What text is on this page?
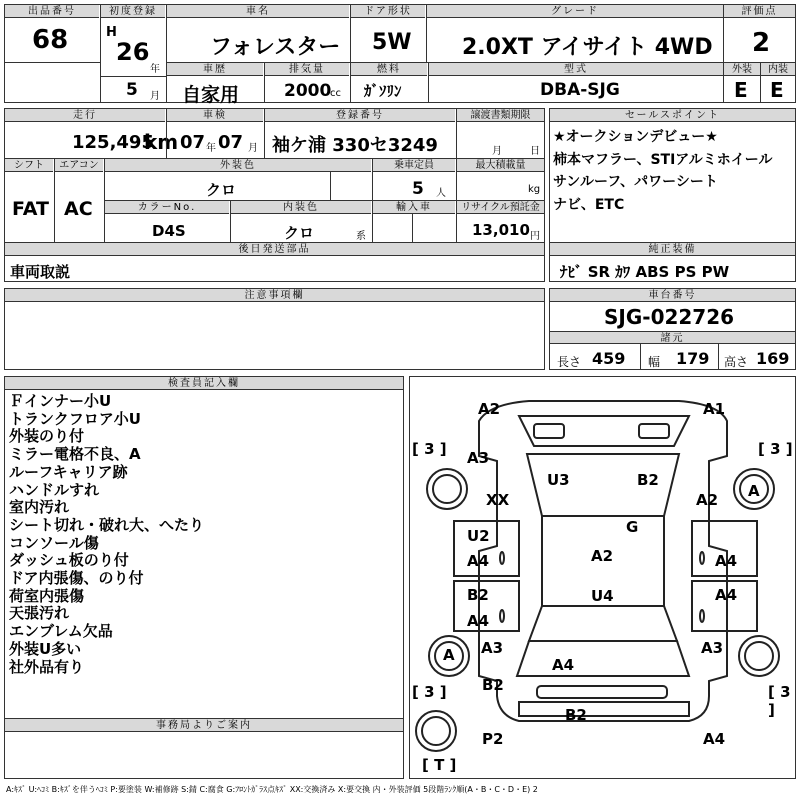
出品番号
68
初度登録
H
26
年
5 月
車名
フォレスター
ドア形状
5W
グレード
2.0XT アイサイト 4WD
評価点
2
車歴
自家用
排気量
2000
cc
燃料
ｶﾞｿﾘﾝ
型式
DBA-SJG
外装	内装
E E
走行
125,495
km
車検
07 年 07 月
登録番号
袖ケ浦 330セ3249
譲渡書類期限
月	日
シフト
FAT
エアコン
AC
外装色
クロ
乗車定員
5 人
最大積載量
kg
カラーNo.
D4S
内装色
クロ	系
輸入車	リサイクル預託金
13,010 円
後日発送部品
車両取説
セールスポイント
★オークションデビュー★
柿本マフラー、STIアルミホイール
サンルーフ、パワーシート
ナビ、ETC
純正装備
ﾅﾋﾞ SR ｶﾜ ABS PS PW
注意事項欄	車台番号
SJG-022726
諸元
長さ 459 幅 179 高さ 169
検査員記入欄
Ｆインナー小U
トランクフロア小U
外装のり付
ミラー電格不良、A
ルーフキャリア跡
ハンドルすれ
室内汚れ
シート切れ・破れ大、へたり
コンソール傷
ダッシュ板のり付
ドア内張傷、のり付
荷室内張傷
天張汚れ
エンブレム欠品
外装U多い
社外品有り
事務局よりご案内
[ 3 ]	[ 3 ]
[ 3 ]	[ 3 ]
[ T ]
A
A
A2	A1
A3
XX
U3	B2
A2
G
U2
A4	A2	A4
B2	U4	A4
A4
A3	A3
A4
B2
B2
P2	A4
A:ｷｽﾞ U:ﾍｺﾐ B:ｷｽﾞを伴うﾍｺﾐ P:要塗装 W:補修跡 S:錆 C:腐食 G:ﾌﾛﾝﾄｶﾞﾗｽ点ｷｽﾞ XX:交換済み X:要交換 内・外装評価 5段階ﾗﾝｸ順(A・B・C・D・E) 2
